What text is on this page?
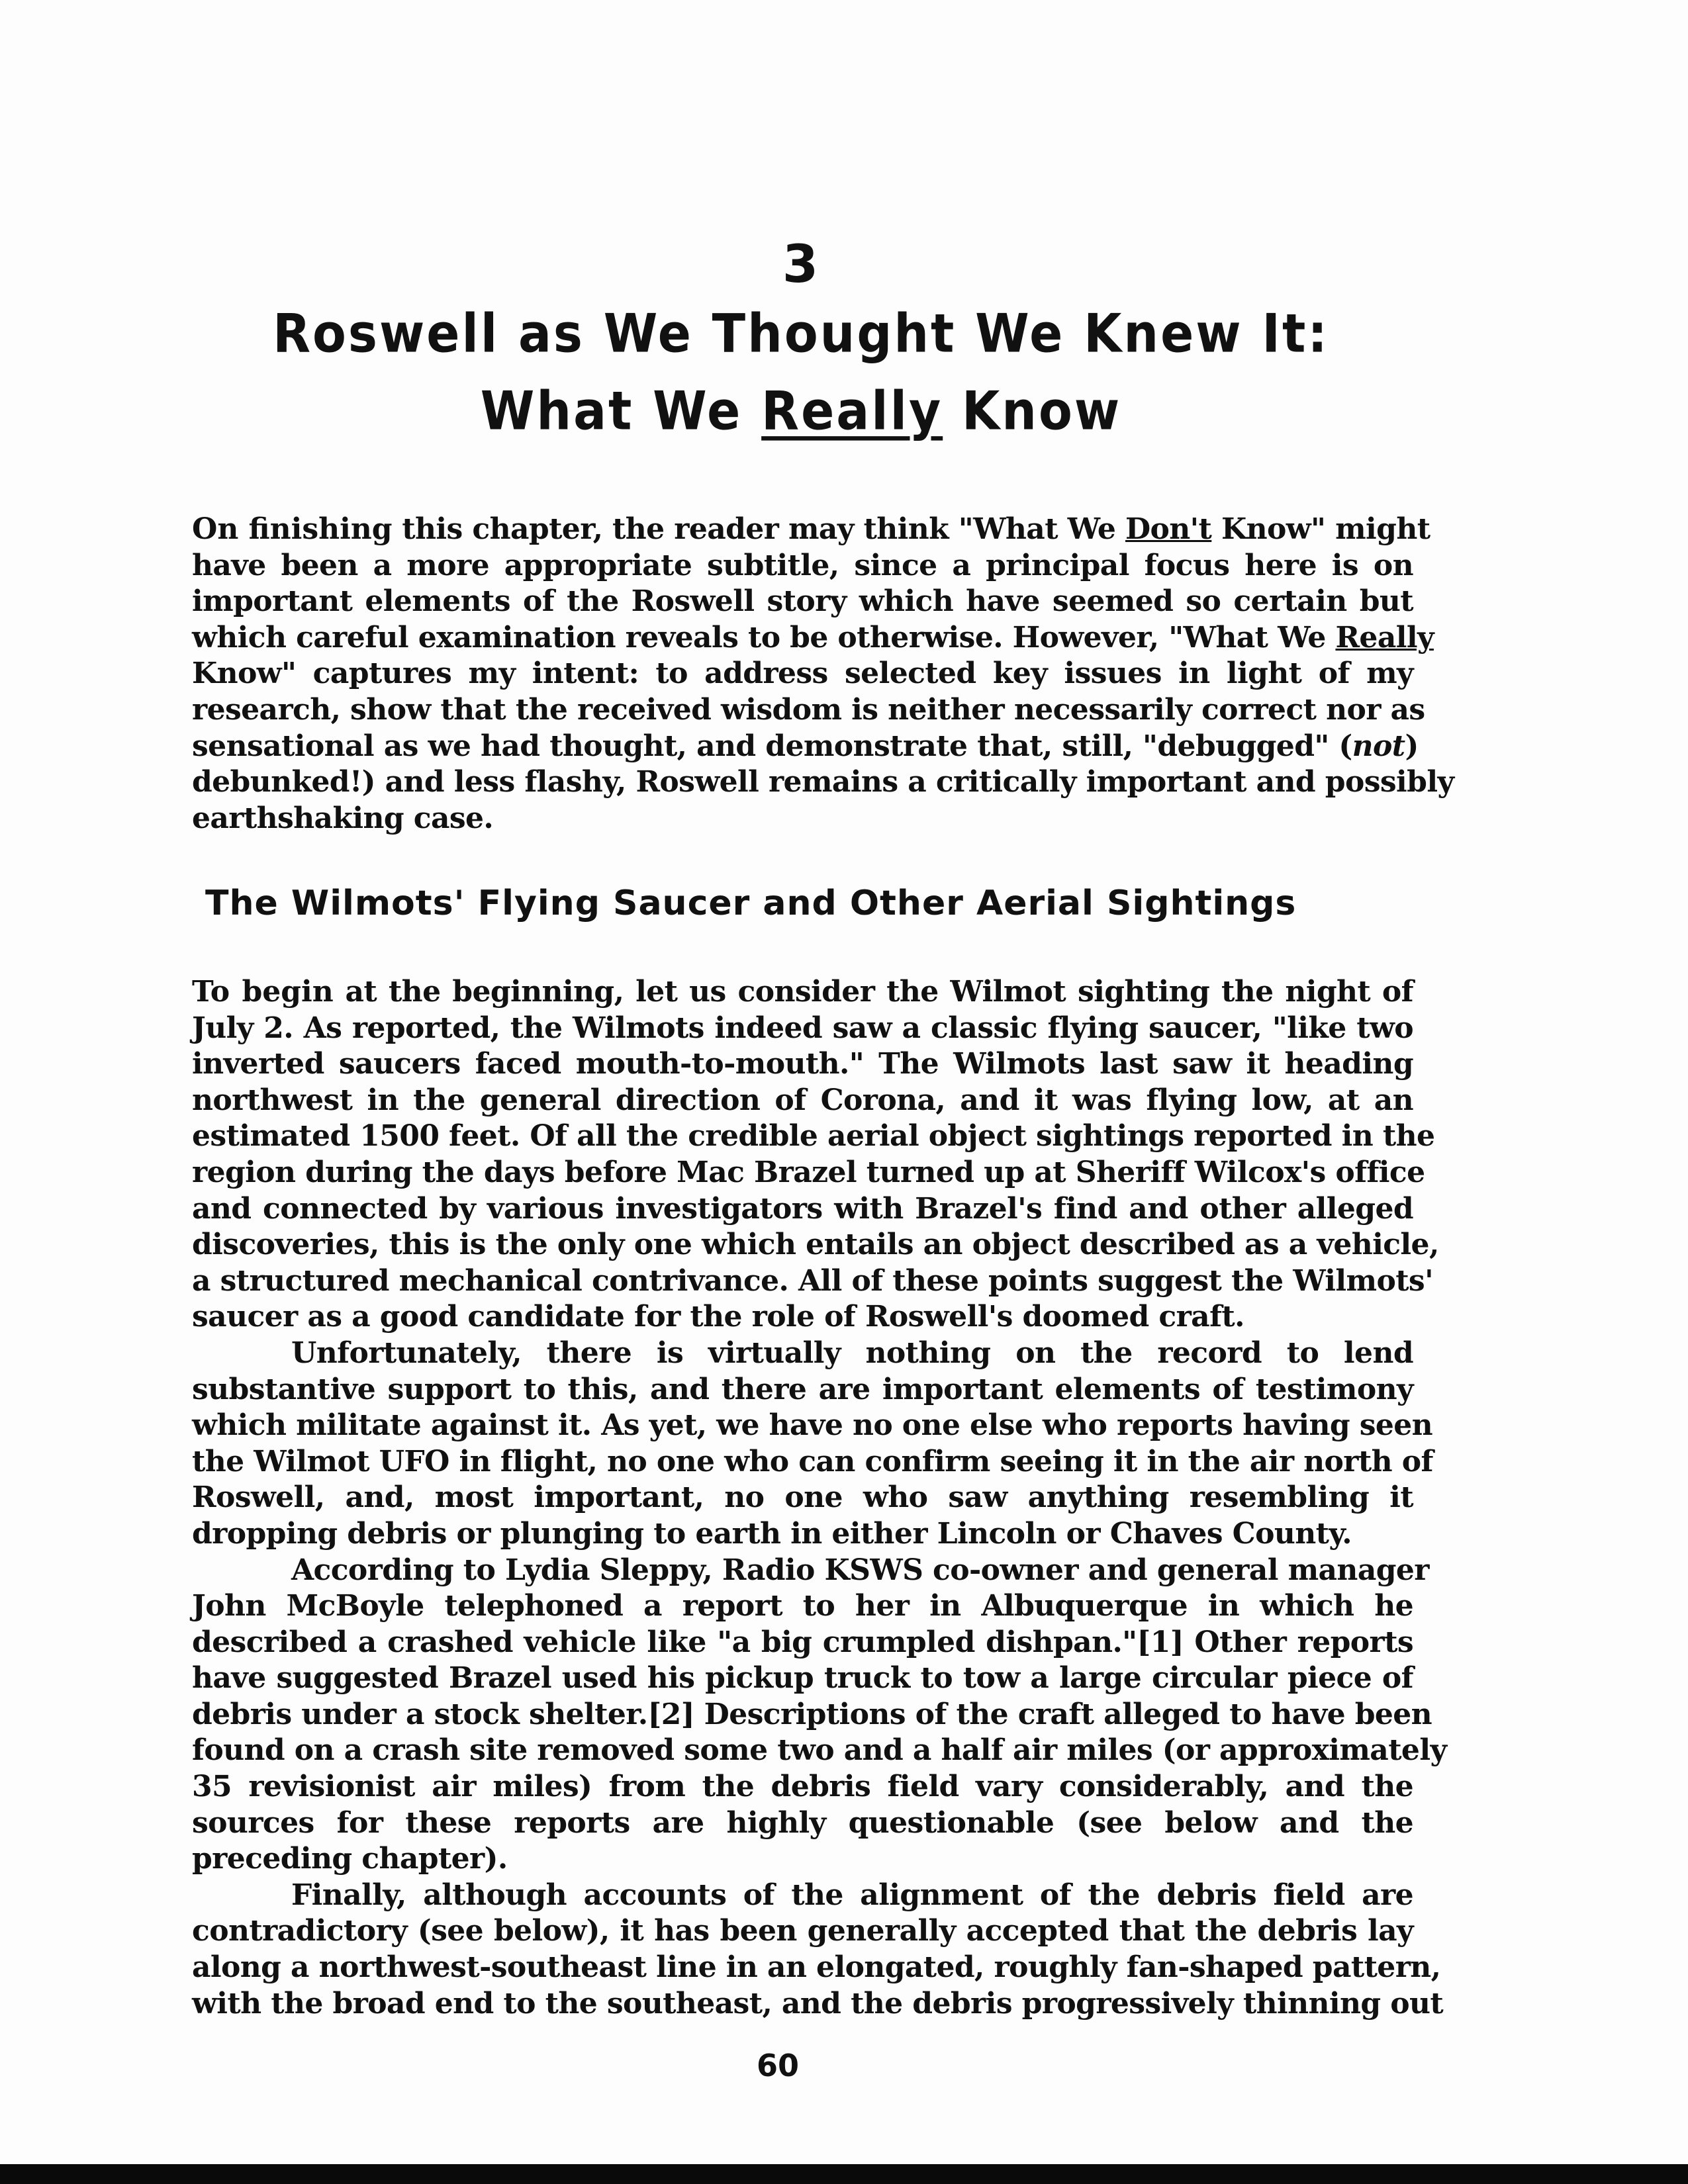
3
Roswell as We Thought We Knew It:
What We Really Know
On finishing this chapter, the reader may think "What We Don't Know" might
have been a more appropriate subtitle, since a principal focus here is on
important elements of the Roswell story which have seemed so certain but
which careful examination reveals to be otherwise. However, "What We Really
Know" captures my intent: to address selected key issues in light of my
research, show that the received wisdom is neither necessarily correct nor as
sensational as we had thought, and demonstrate that, still, "debugged" (not)
debunked!) and less flashy, Roswell remains a critically important and possibly
earthshaking case.
The Wilmots' Flying Saucer and Other Aerial Sightings
To begin at the beginning, let us consider the Wilmot sighting the night of
July 2. As reported, the Wilmots indeed saw a classic flying saucer, "like two
inverted saucers faced mouth-to-mouth." The Wilmots last saw it heading
northwest in the general direction of Corona, and it was flying low, at an
estimated 1500 feet. Of all the credible aerial object sightings reported in the
region during the days before Mac Brazel turned up at Sheriff Wilcox's office
and connected by various investigators with Brazel's find and other alleged
discoveries, this is the only one which entails an object described as a vehicle,
a structured mechanical contrivance. All of these points suggest the Wilmots'
saucer as a good candidate for the role of Roswell's doomed craft.
Unfortunately, there is virtually nothing on the record to lend
substantive support to this, and there are important elements of testimony
which militate against it. As yet, we have no one else who reports having seen
the Wilmot UFO in flight, no one who can confirm seeing it in the air north of
Roswell, and, most important, no one who saw anything resembling it
dropping debris or plunging to earth in either Lincoln or Chaves County.
According to Lydia Sleppy, Radio KSWS co-owner and general manager
John McBoyle telephoned a report to her in Albuquerque in which he
described a crashed vehicle like "a big crumpled dishpan."[1] Other reports
have suggested Brazel used his pickup truck to tow a large circular piece of
debris under a stock shelter.[2] Descriptions of the craft alleged to have been
found on a crash site removed some two and a half air miles (or approximately
35 revisionist air miles) from the debris field vary considerably, and the
sources for these reports are highly questionable (see below and the
preceding chapter).
Finally, although accounts of the alignment of the debris field are
contradictory (see below), it has been generally accepted that the debris lay
along a northwest-southeast line in an elongated, roughly fan-shaped pattern,
with the broad end to the southeast, and the debris progressively thinning out
60
